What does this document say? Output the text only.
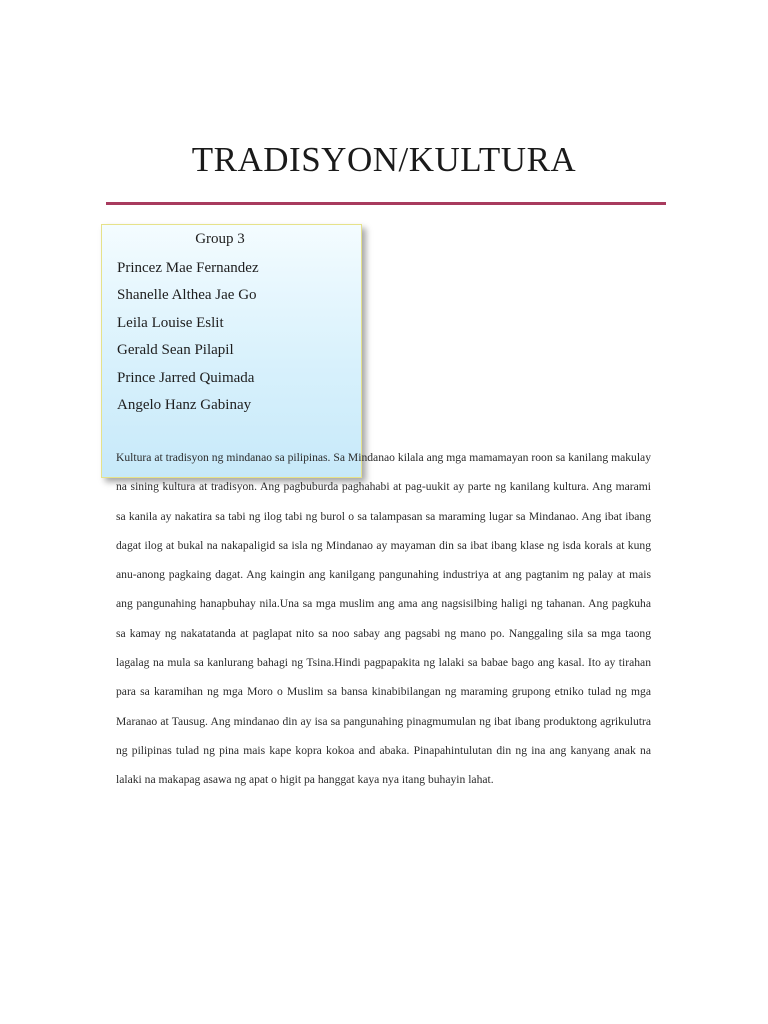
TRADISYON/KULTURA
Group 3
Princez Mae Fernandez
Shanelle Althea Jae Go
Leila Louise Eslit
Gerald Sean Pilapil
Prince Jarred Quimada
Angelo Hanz Gabinay

Kultura at tradisyon ng mindanao sa pilipinas. Sa Mindanao kilala ang mga mamamayan roon sa kanilang makulay na sining kultura at tradisyon. Ang pagbuburda paghahabi at pag-uukit ay parte ng kanilang kultura. Ang marami sa kanila ay nakatira sa tabi ng ilog tabi ng burol o sa talampasan sa maraming lugar sa Mindanao. Ang ibat ibang dagat ilog at bukal na nakapaligid sa isla ng Mindanao ay mayaman din sa ibat ibang klase ng isda korals at kung anu-anong pagkaing dagat. Ang kaingin ang kanilgang pangunahing industriya at ang pagtanim ng palay at mais ang pangunahing hanapbuhay nila.Una sa mga muslim ang ama ang nagsisilbing haligi ng tahanan. Ang pagkuha sa kamay ng nakatatanda at paglapat nito sa noo sabay ang pagsabi ng mano po. Nanggaling sila sa mga taong lagalag na mula sa kanlurang bahagi ng Tsina.Hindi pagpapakita ng lalaki sa babae bago ang kasal. Ito ay tirahan para sa karamihan ng mga Moro o Muslim sa bansa kinabibilangan ng maraming grupong etniko tulad ng mga Maranao at Tausug. Ang mindanao din ay isa sa pangunahing pinagmumulan ng ibat ibang produktong agrikulutra ng pilipinas tulad ng pina mais kape kopra kokoa and abaka. Pinapahintulutan din ng ina ang kanyang anak na lalaki na makapag asawa ng apat o higit pa hanggat kaya nya itang buhayin lahat.
